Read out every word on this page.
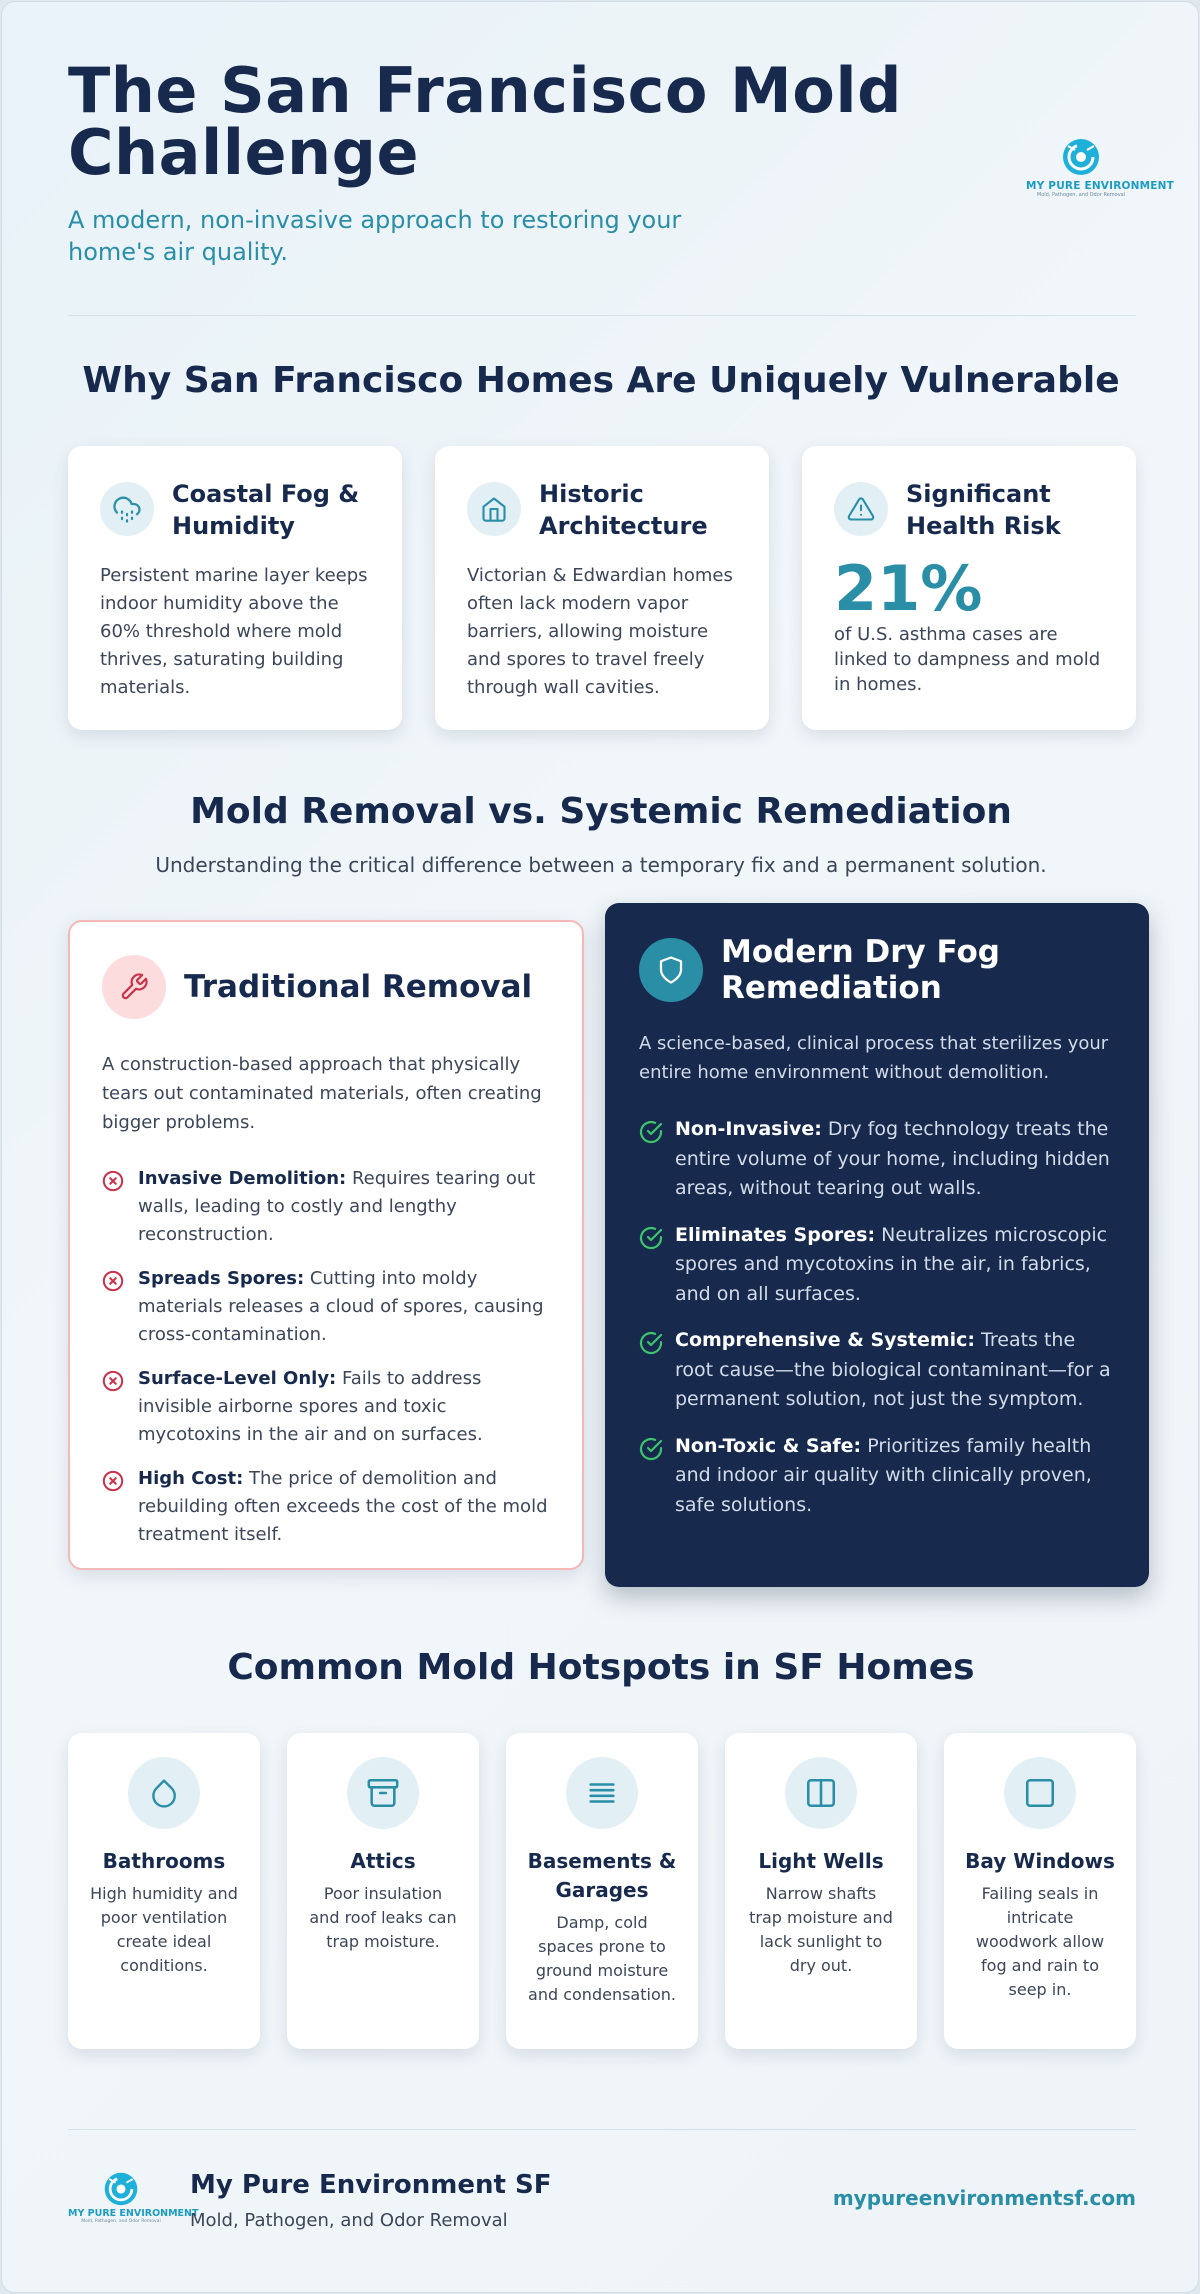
The San Francisco Mold Challenge

A modern, non-invasive approach to restoring your home's air quality.

MY PURE ENVIRONMENT
Mold, Pathogen, and Odor Removal
Why San Francisco Homes Are Uniquely Vulnerable
Coastal Fog & Humidity
Persistent marine layer keeps indoor humidity above the 60% threshold where mold thrives, saturating building materials.
Historic Architecture
Victorian & Edwardian homes often lack modern vapor barriers, allowing moisture and spores to travel freely through wall cavities.
Significant Health Risk
21%
of U.S. asthma cases are linked to dampness and mold in homes.
Mold Removal vs. Systemic Remediation

Understanding the critical difference between a temporary fix and a permanent solution.

Traditional Removal

A construction-based approach that physically tears out contaminated materials, often creating bigger problems.

Invasive Demolition: Requires tearing out walls, leading to costly and lengthy reconstruction.
Spreads Spores: Cutting into moldy materials releases a cloud of spores, causing cross-contamination.
Surface-Level Only: Fails to address invisible airborne spores and toxic mycotoxins in the air and on surfaces.
High Cost: The price of demolition and rebuilding often exceeds the cost of the mold treatment itself.
Modern Dry Fog Remediation

A science-based, clinical process that sterilizes your entire home environment without demolition.

Non-Invasive: Dry fog technology treats the entire volume of your home, including hidden areas, without tearing out walls.
Eliminates Spores: Neutralizes microscopic spores and mycotoxins in the air, in fabrics, and on all surfaces.
Comprehensive & Systemic: Treats the root cause—the biological contaminant—for a permanent solution, not just the symptom.
Non-Toxic & Safe: Prioritizes family health and indoor air quality with clinically proven, safe solutions.
Common Mold Hotspots in SF Homes
Bathrooms
High humidity and poor ventilation create ideal conditions.
Attics
Poor insulation and roof leaks can trap moisture.
Basements & Garages
Damp, cold spaces prone to ground moisture and condensation.
Light Wells
Narrow shafts trap moisture and lack sunlight to dry out.
Bay Windows
Failing seals in intricate woodwork allow fog and rain to seep in.
MY PURE ENVIRONMENT
Mold, Pathogen, and Odor Removal
My Pure Environment SF
Mold, Pathogen, and Odor Removal
mypureenvironmentsf.com
